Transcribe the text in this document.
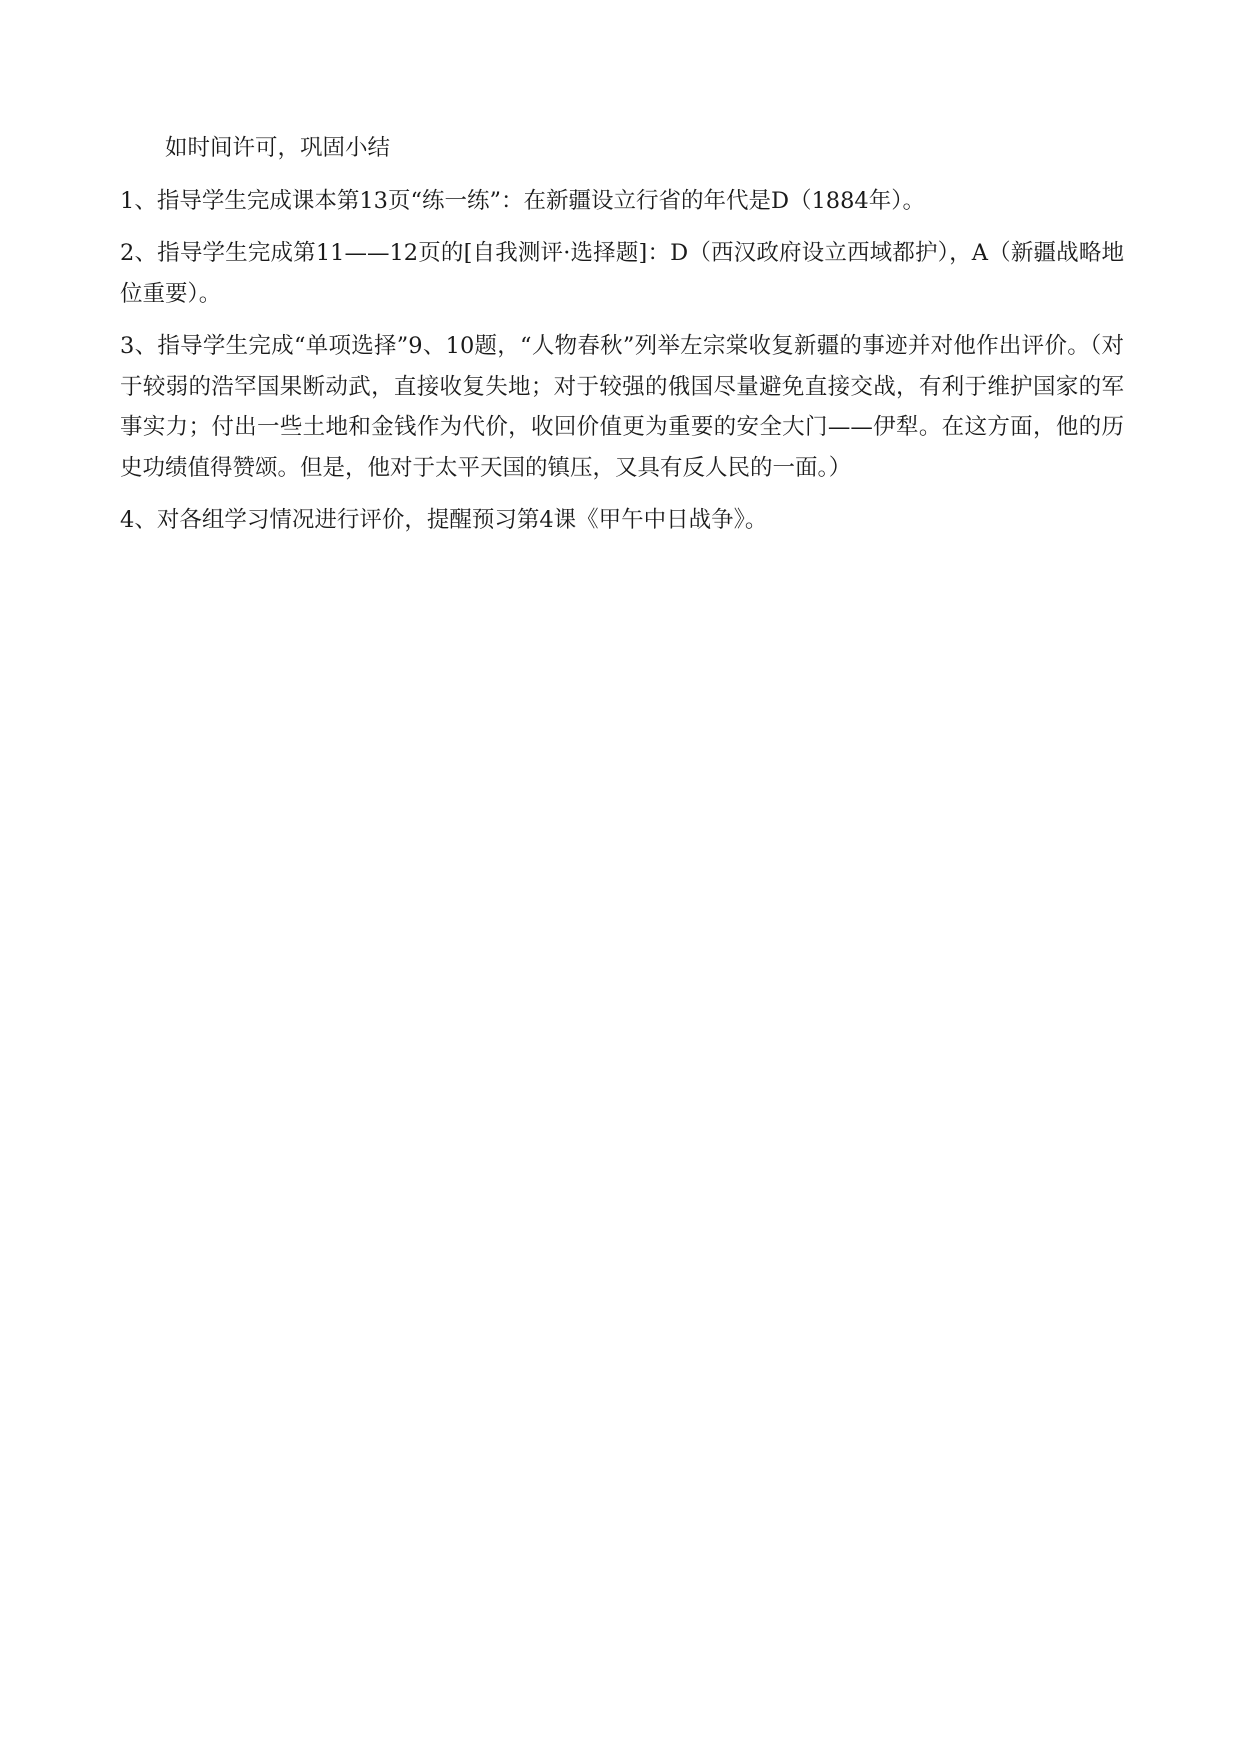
如时间许可，巩固小结

1、指导学生完成课本第13页“练一练”：在新疆设立行省的年代是D（1884年）。

2、指导学生完成第11——12页的[自我测评·选择题]：D（西汉政府设立西域都护），A（新疆战略地位重要）。

3、指导学生完成“单项选择”9、10题，“人物春秋”列举左宗棠收复新疆的事迹并对他作出评价。（对于较弱的浩罕国果断动武，直接收复失地；对于较强的俄国尽量避免直接交战，有利于维护国家的军事实力；付出一些土地和金钱作为代价，收回价值更为重要的安全大门——伊犁。在这方面，他的历史功绩值得赞颂。但是，他对于太平天国的镇压，又具有反人民的一面。）

4、对各组学习情况进行评价，提醒预习第4课《甲午中日战争》。
